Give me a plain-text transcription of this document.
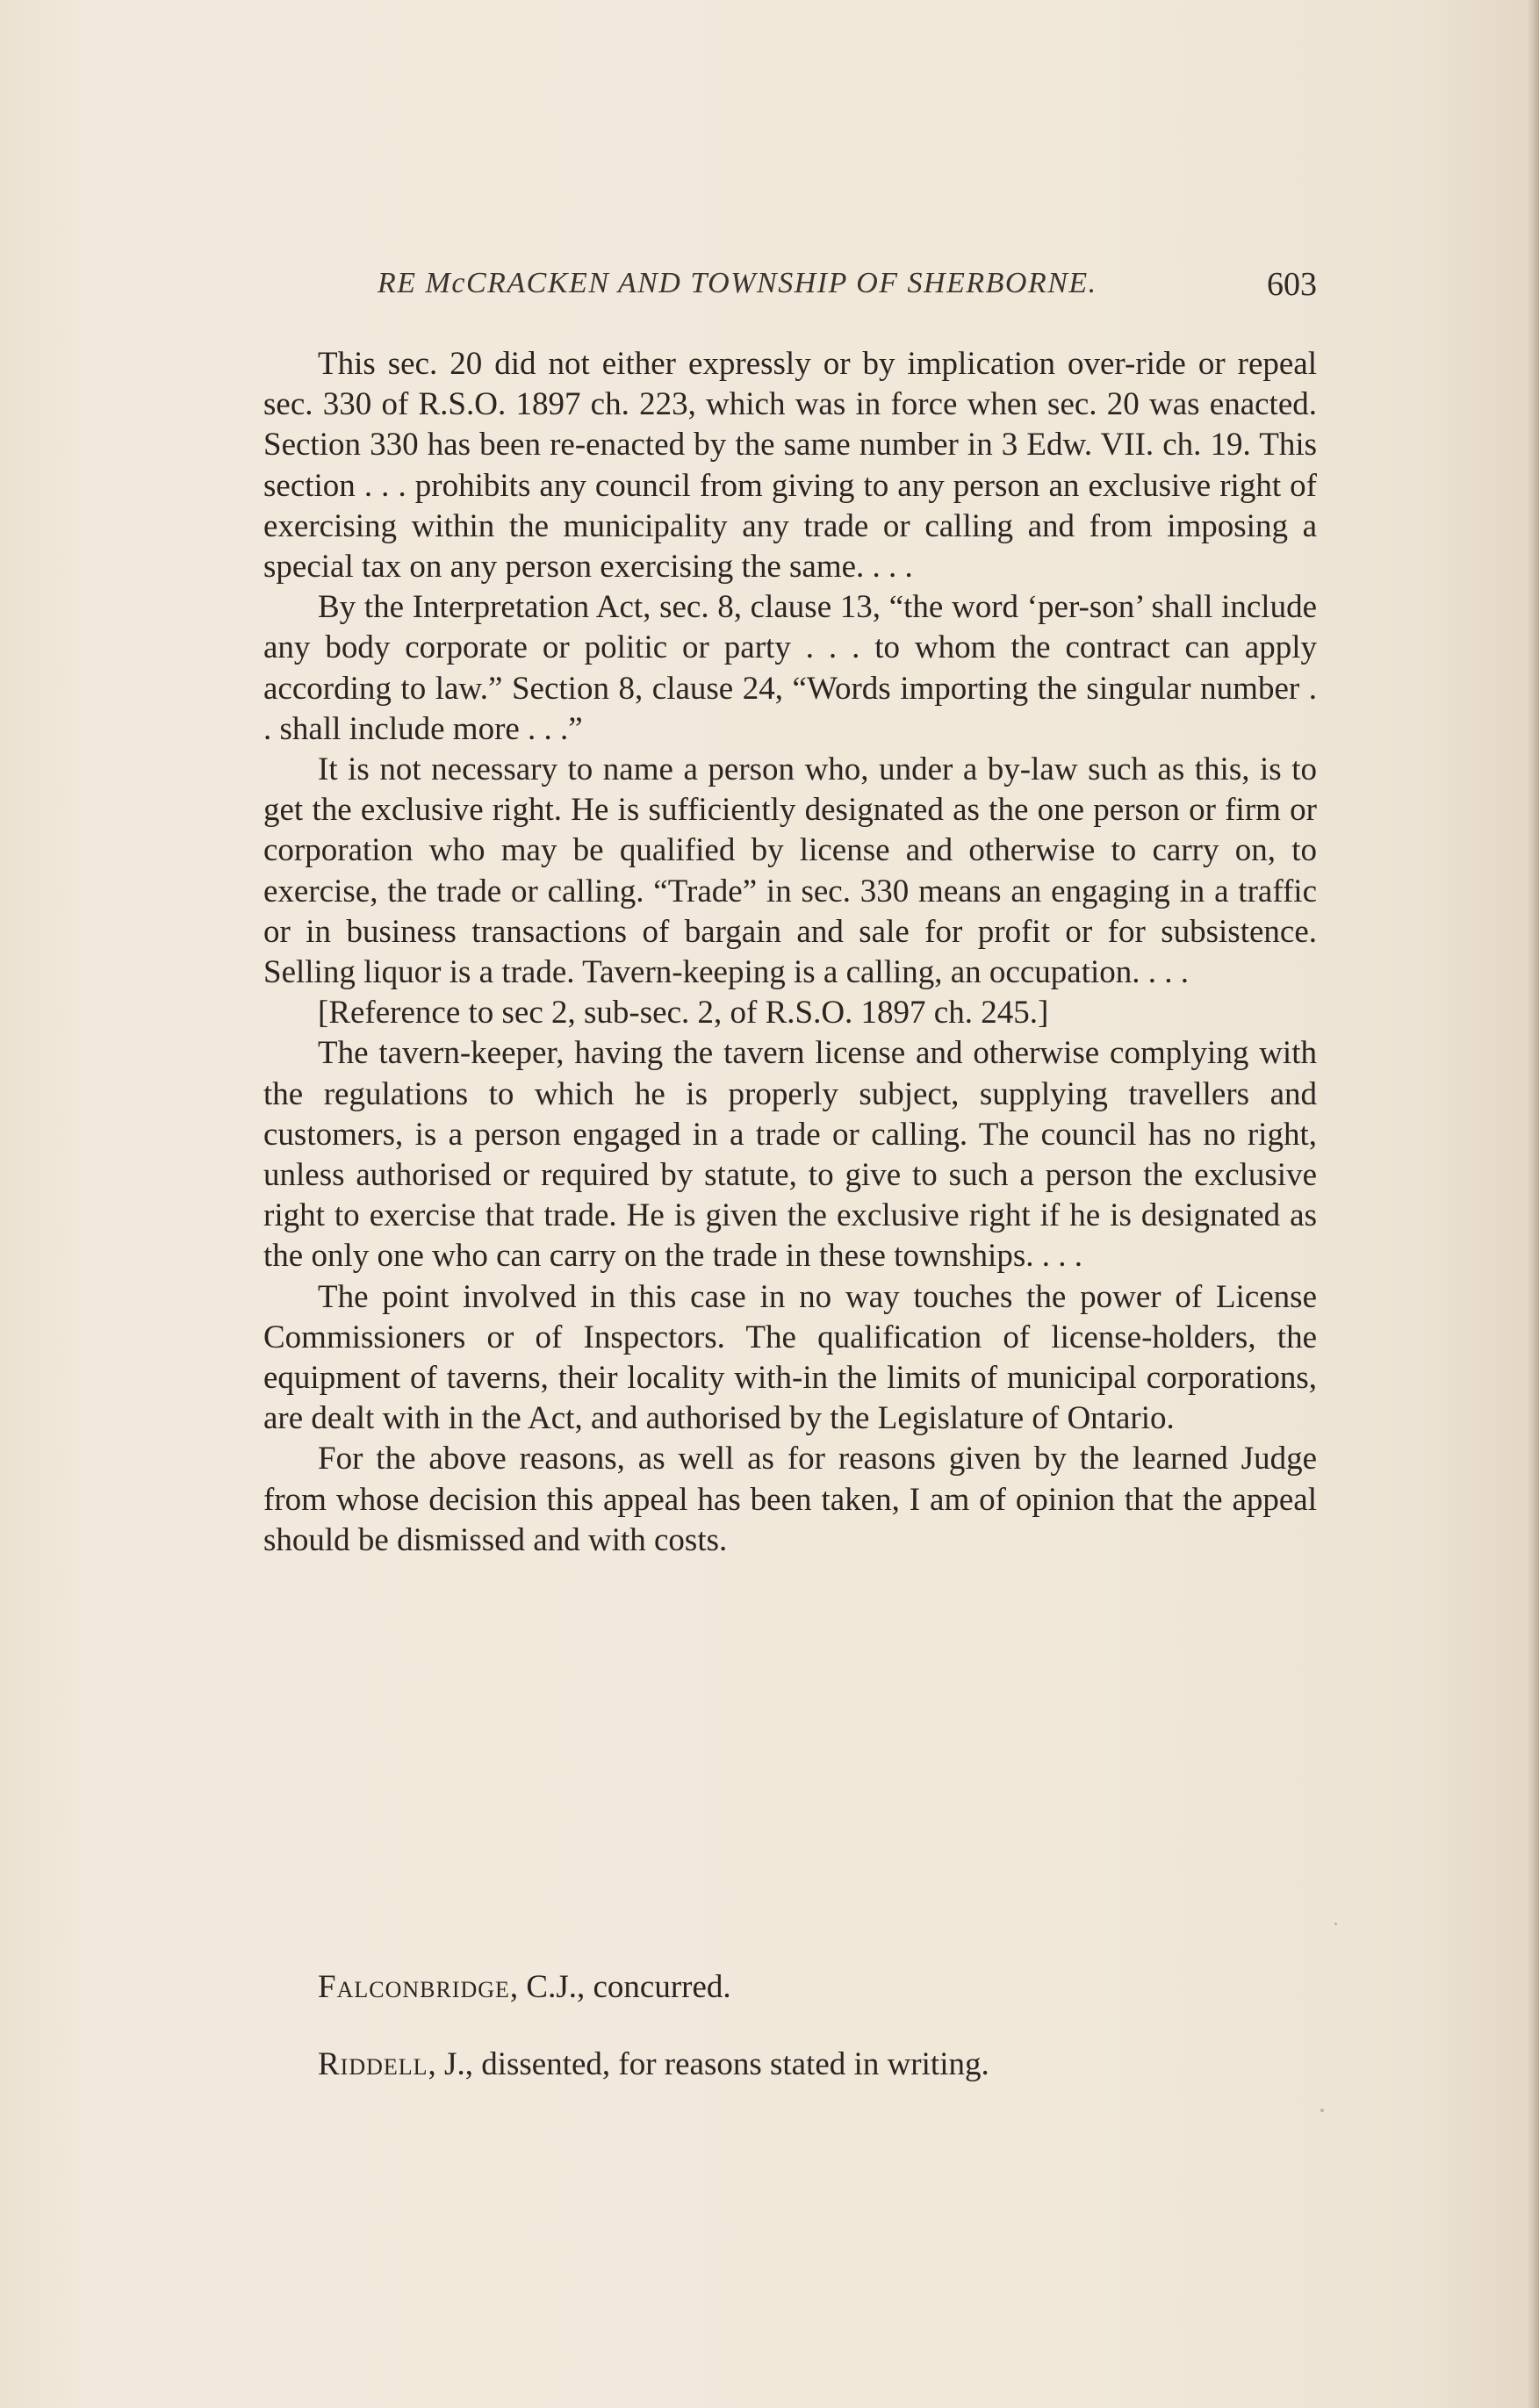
RE McCRACKEN AND TOWNSHIP OF SHERBORNE.	603

This sec. 20 did not either expressly or by implication over-ride or repeal sec. 330 of R.S.O. 1897 ch. 223, which was in force when sec. 20 was enacted. Section 330 has been re-enacted by the same number in 3 Edw. VII. ch. 19. This section . . . prohibits any council from giving to any person an exclusive right of exercising within the municipality any trade or calling and from imposing a special tax on any person exercising the same. . . .

By the Interpretation Act, sec. 8, clause 13, “the word ‘per-son’ shall include any body corporate or politic or party . . . to whom the contract can apply according to law.” Section 8, clause 24, “Words importing the singular number . . shall include more . . .”

It is not necessary to name a person who, under a by-law such as this, is to get the exclusive right. He is sufficiently designated as the one person or firm or corporation who may be qualified by license and otherwise to carry on, to exercise, the trade or calling. “Trade” in sec. 330 means an engaging in a traffic or in business transactions of bargain and sale for profit or for subsistence. Selling liquor is a trade. Tavern-keeping is a calling, an occupation. . . .

[Reference to sec 2, sub-sec. 2, of R.S.O. 1897 ch. 245.]

The tavern-keeper, having the tavern license and otherwise complying with the regulations to which he is properly subject, supplying travellers and customers, is a person engaged in a trade or calling. The council has no right, unless authorised or required by statute, to give to such a person the exclusive right to exercise that trade. He is given the exclusive right if he is designated as the only one who can carry on the trade in these townships. . . .

The point involved in this case in no way touches the power of License Commissioners or of Inspectors. The qualification of license-holders, the equipment of taverns, their locality with-in the limits of municipal corporations, are dealt with in the Act, and authorised by the Legislature of Ontario.

For the above reasons, as well as for reasons given by the learned Judge from whose decision this appeal has been taken, I am of opinion that the appeal should be dismissed and with costs.

Falconbridge, C.J., concurred.
Riddell, J., dissented, for reasons stated in writing.
